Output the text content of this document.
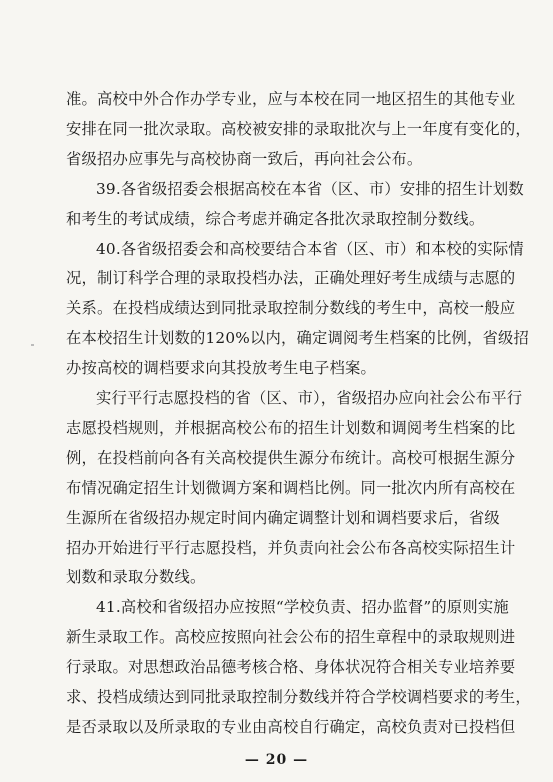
准。高校中外合作办学专业，应与本校在同一地区招生的其他专业
安排在同一批次录取。高校被安排的录取批次与上一年度有变化的，
省级招办应事先与高校协商一致后，再向社会公布。
39.各省级招委会根据高校在本省（区、市）安排的招生计划数
和考生的考试成绩，综合考虑并确定各批次录取控制分数线。
40.各省级招委会和高校要结合本省（区、市）和本校的实际情
况，制订科学合理的录取投档办法，正确处理好考生成绩与志愿的
关系。在投档成绩达到同批录取控制分数线的考生中，高校一般应
在本校招生计划数的120%以内，确定调阅考生档案的比例，省级招
办按高校的调档要求向其投放考生电子档案。
实行平行志愿投档的省（区、市），省级招办应向社会公布平行
志愿投档规则，并根据高校公布的招生计划数和调阅考生档案的比
例，在投档前向各有关高校提供生源分布统计。高校可根据生源分
布情况确定招生计划微调方案和调档比例。同一批次内所有高校在
生源所在省级招办规定时间内确定调整计划和调档要求后，省级
招办开始进行平行志愿投档，并负责向社会公布各高校实际招生计
划数和录取分数线。
41.高校和省级招办应按照“学校负责、招办监督”的原则实施
新生录取工作。高校应按照向社会公布的招生章程中的录取规则进
行录取。对思想政治品德考核合格、身体状况符合相关专业培养要
求、投档成绩达到同批录取控制分数线并符合学校调档要求的考生，
是否录取以及所录取的专业由高校自行确定，高校负责对已投档但
— 20 —
